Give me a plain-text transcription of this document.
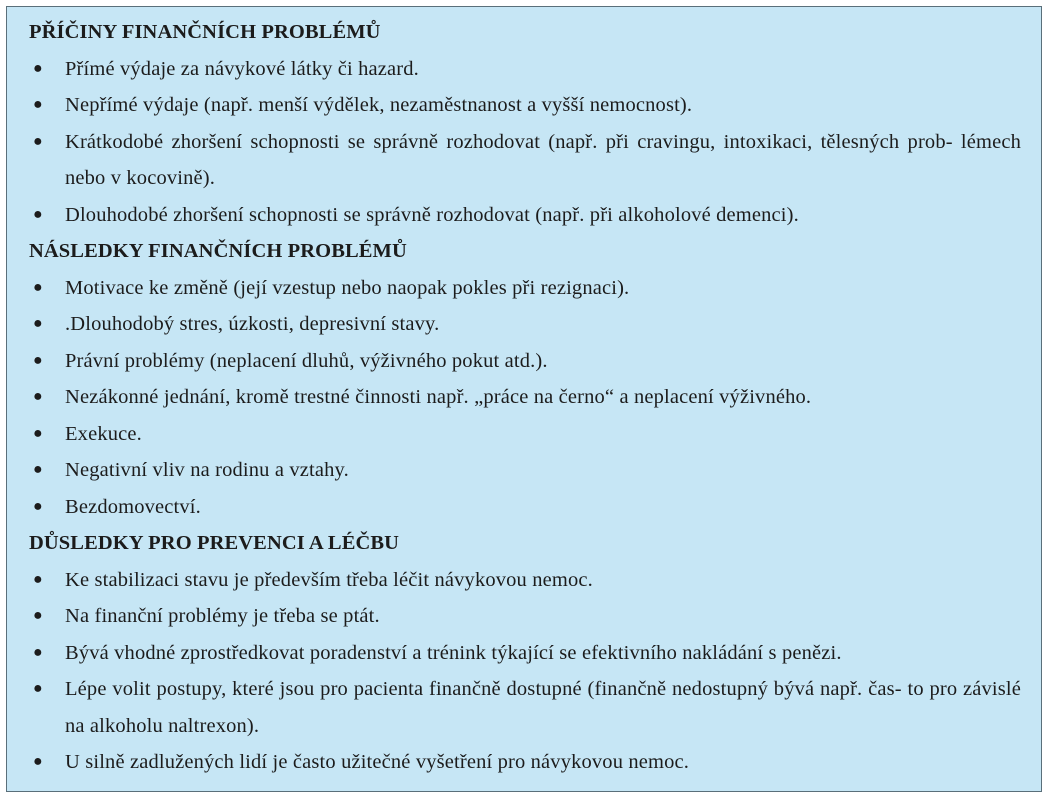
PŘÍČINY FINANČNÍCH PROBLÉMŮ
● Přímé výdaje za návykové látky či hazard.
● Nepřímé výdaje (např. menší výdělek, nezaměstnanost a vyšší nemocnost).
● Krátkodobé zhoršení schopnosti se správně rozhodovat (např. při cravingu, intoxikaci, tělesných prob- lémech nebo v kocovině).
● Dlouhodobé zhoršení schopnosti se správně rozhodovat (např. při alkoholové demenci).
NÁSLEDKY FINANČNÍCH PROBLÉMŮ
● Motivace ke změně (její vzestup nebo naopak pokles při rezignaci).
● .Dlouhodobý stres, úzkosti, depresivní stavy.
● Právní problémy (neplacení dluhů, výživného pokut atd.).
● Nezákonné jednání, kromě trestné činnosti např. „práce na černo“ a neplacení výživného.
● Exekuce.
● Negativní vliv na rodinu a vztahy.
● Bezdomovectví.
DŮSLEDKY PRO PREVENCI A LÉČBU
● Ke stabilizaci stavu je především třeba léčit návykovou nemoc.
● Na finanční problémy je třeba se ptát.
● Bývá vhodné zprostředkovat poradenství a trénink týkající se efektivního nakládání s penězi.
● Lépe volit postupy, které jsou pro pacienta finančně dostupné (finančně nedostupný bývá např. čas- to pro závislé na alkoholu naltrexon).
● U silně zadlužených lidí je často užitečné vyšetření pro návykovou nemoc.
